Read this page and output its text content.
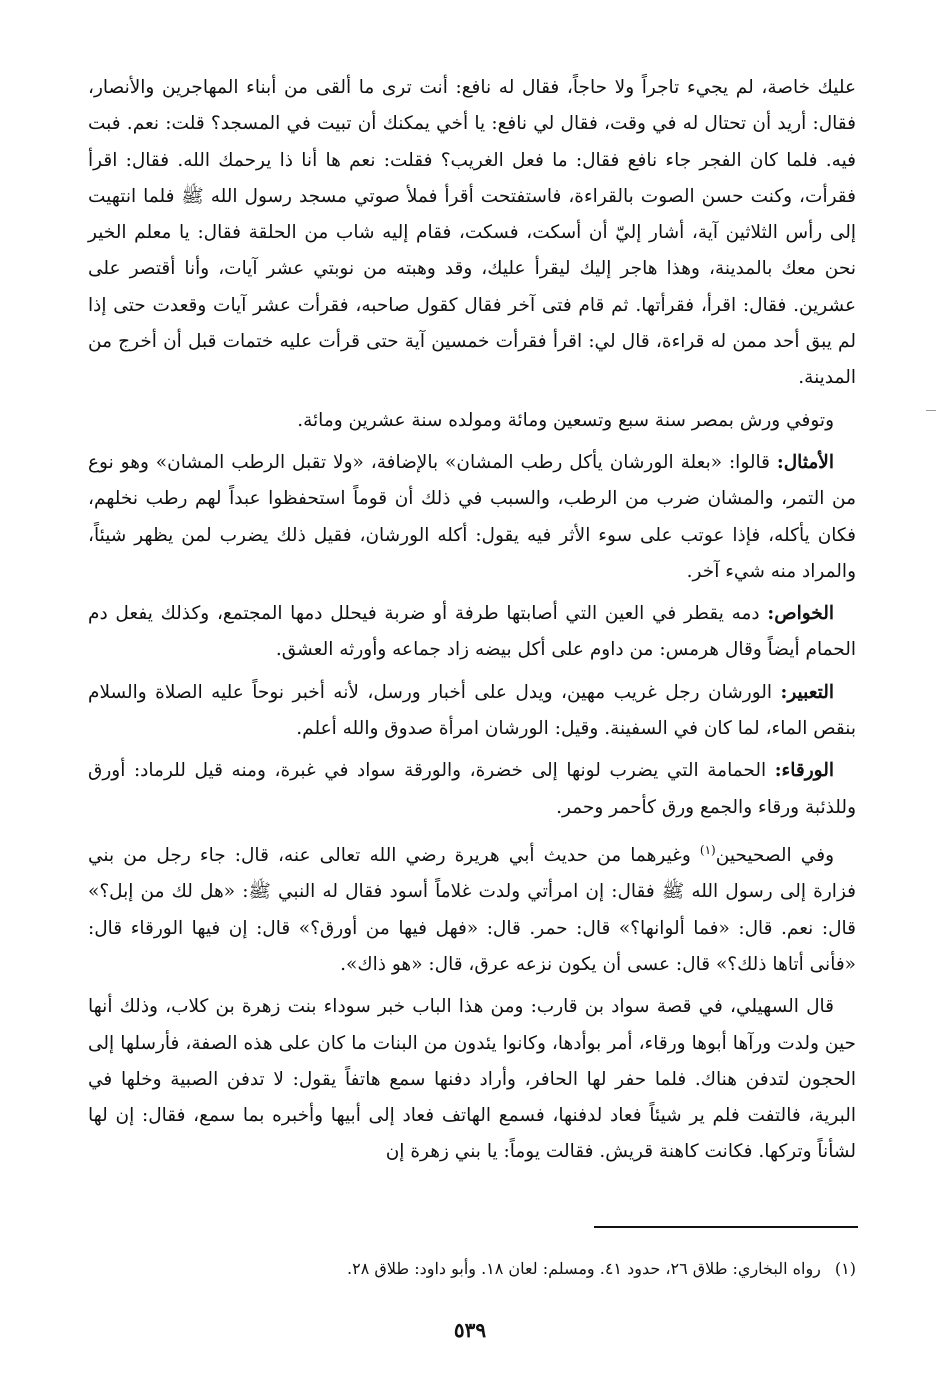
عليك خاصة، لم يجيء تاجراً ولا حاجاً، فقال له نافع: أنت ترى ما ألقى من أبناء المهاجرين والأنصار، فقال: أريد أن تحتال له في وقت، فقال لي نافع: يا أخي يمكنك أن تبيت في المسجد؟ قلت: نعم. فبت فيه. فلما كان الفجر جاء نافع فقال: ما فعل الغريب؟ فقلت: نعم ها أنا ذا يرحمك الله. فقال: اقرأ فقرأت، وكنت حسن الصوت بالقراءة، فاستفتحت أقرأ فملأ صوتي مسجد رسول الله ﷺ فلما انتهيت إلى رأس الثلاثين آية، أشار إليّ أن أسكت، فسكت، فقام إليه شاب من الحلقة فقال: يا معلم الخير نحن معك بالمدينة، وهذا هاجر إليك ليقرأ عليك، وقد وهبته من نوبتي عشر آيات، وأنا أقتصر على عشرين. فقال: اقرأ، فقرأتها. ثم قام فتى آخر فقال كقول صاحبه، فقرأت عشر آيات وقعدت حتى إذا لم يبق أحد ممن له قراءة، قال لي: اقرأ فقرأت خمسين آية حتى قرأت عليه ختمات قبل أن أخرج من المدينة.

وتوفي ورش بمصر سنة سبع وتسعين ومائة ومولده سنة عشرين ومائة.

الأمثال: قالوا: «بعلة الورشان يأكل رطب المشان» بالإضافة، «ولا تقبل الرطب المشان» وهو نوع من التمر، والمشان ضرب من الرطب، والسبب في ذلك أن قوماً استحفظوا عبداً لهم رطب نخلهم، فكان يأكله، فإذا عوتب على سوء الأثر فيه يقول: أكله الورشان، فقيل ذلك يضرب لمن يظهر شيئاً، والمراد منه شيء آخر.

الخواص: دمه يقطر في العين التي أصابتها طرفة أو ضربة فيحلل دمها المجتمع، وكذلك يفعل دم الحمام أيضاً وقال هرمس: من داوم على أكل بيضه زاد جماعه وأورثه العشق.

التعبير: الورشان رجل غريب مهين، ويدل على أخبار ورسل، لأنه أخبر نوحاً عليه الصلاة والسلام بنقص الماء، لما كان في السفينة. وقيل: الورشان امرأة صدوق والله أعلم.

الورقاء: الحمامة التي يضرب لونها إلى خضرة، والورقة سواد في غبرة، ومنه قيل للرماد: أورق وللذئبة ورقاء والجمع ورق كأحمر وحمر.

وفي الصحيحين$^{(١)}$ وغيرهما من حديث أبي هريرة رضي الله تعالى عنه، قال: جاء رجل من بني فزارة إلى رسول الله ﷺ فقال: إن امرأتي ولدت غلاماً أسود فقال له النبي ﷺ: «هل لك من إبل؟» قال: نعم. قال: «فما ألوانها؟» قال: حمر. قال: «فهل فيها من أورق؟» قال: إن فيها الورقاء قال: «فأنى أتاها ذلك؟» قال: عسى أن يكون نزعه عرق، قال: «هو ذاك».

قال السهيلي، في قصة سواد بن قارب: ومن هذا الباب خبر سوداء بنت زهرة بن كلاب، وذلك أنها حين ولدت ورآها أبوها ورقاء، أمر بوأدها، وكانوا يئدون من البنات ما كان على هذه الصفة، فأرسلها إلى الحجون لتدفن هناك. فلما حفر لها الحافر، وأراد دفنها سمع هاتفاً يقول: لا تدفن الصبية وخلها في البرية، فالتفت فلم ير شيئاً فعاد لدفنها، فسمع الهاتف فعاد إلى أبيها وأخبره بما سمع، فقال: إن لها لشأناً وتركها. فكانت كاهنة قريش. فقالت يوماً: يا بني زهرة إن

(١)رواه البخاري: طلاق ٢٦، حدود ٤١. ومسلم: لعان ١٨. وأبو داود: طلاق ٢٨.
٥٣٩
